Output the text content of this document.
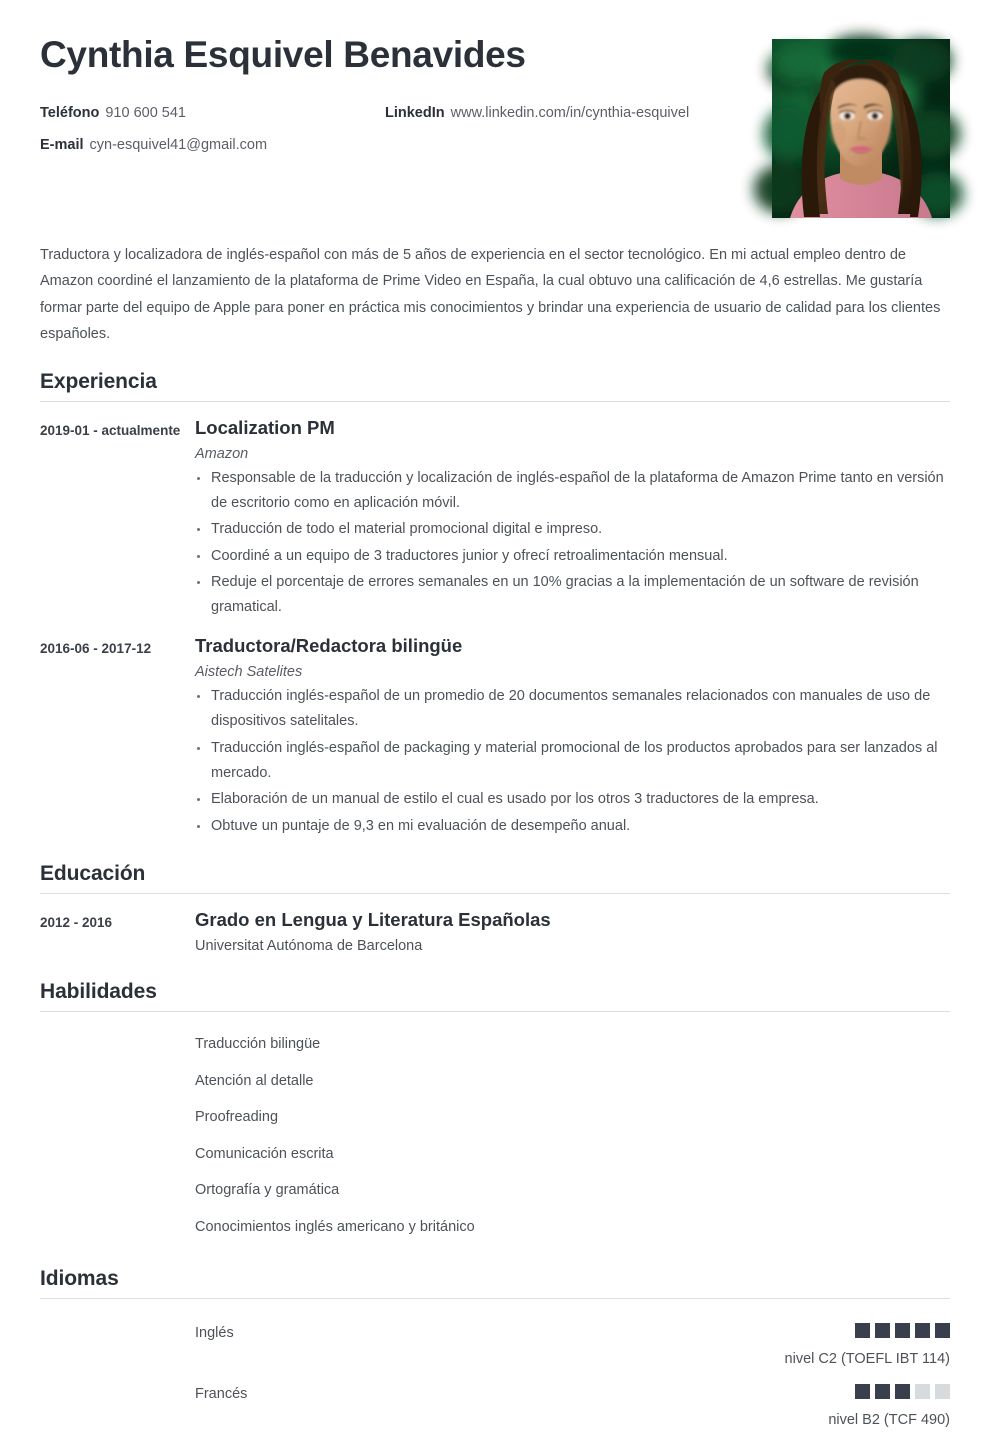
Cynthia Esquivel Benavides
Teléfono 910 600 541	LinkedIn www.linkedin.com/in/cynthia-esquivel
E-mail cyn-esquivel41@gmail.com

Traductora y localizadora de inglés-español con más de 5 años de experiencia en el sector tecnológico. En mi actual empleo dentro de Amazon coordiné el lanzamiento de la plataforma de Prime Video en España, la cual obtuvo una calificación de 4,6 estrellas. Me gustaría formar parte del equipo de Apple para poner en práctica mis conocimientos y brindar una experiencia de usuario de calidad para los clientes españoles.

Experiencia
2019-01 - actualmente Localization PM
Amazon
Responsable de la traducción y localización de inglés-español de la plataforma de Amazon Prime tanto en versión de escritorio como en aplicación móvil.
Traducción de todo el material promocional digital e impreso.
Coordiné a un equipo de 3 traductores junior y ofrecí retroalimentación mensual.
Reduje el porcentaje de errores semanales en un 10% gracias a la implementación de un software de revisión gramatical.
2016-06 - 2017-12	Traductora/Redactora bilingüe
Aistech Satelites
Traducción inglés-español de un promedio de 20 documentos semanales relacionados con manuales de uso de dispositivos satelitales.
Traducción inglés-español de packaging y material promocional de los productos aprobados para ser lanzados al mercado.
Elaboración de un manual de estilo el cual es usado por los otros 3 traductores de la empresa.
Obtuve un puntaje de 9,3 en mi evaluación de desempeño anual.
Educación
2012 - 2016	Grado en Lengua y Literatura Españolas
Universitat Autónoma de Barcelona
Habilidades
Traducción bilingüe
Atención al detalle
Proofreading
Comunicación escrita
Ortografía y gramática
Conocimientos inglés americano y británico
Idiomas
Inglés
nivel C2 (TOEFL IBT 114)
Francés
nivel B2 (TCF 490)
